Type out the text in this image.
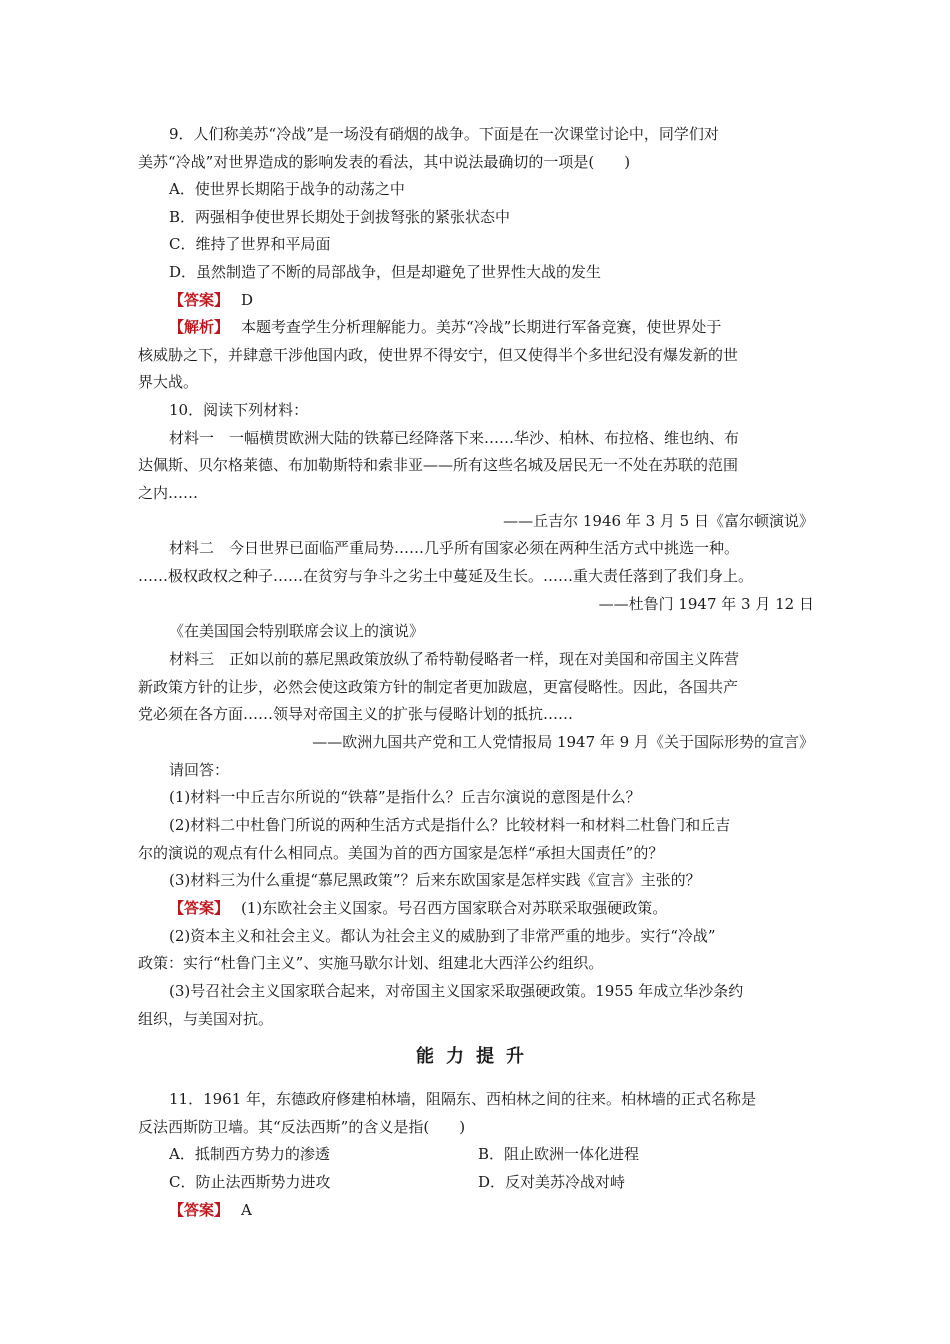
9．人们称美苏“冷战”是一场没有硝烟的战争。下面是在一次课堂讨论中，同学们对
美苏“冷战”对世界造成的影响发表的看法，其中说法最确切的一项是(　　)
A．使世界长期陷于战争的动荡之中
B．两强相争使世界长期处于剑拔弩张的紧张状态中
C．维持了世界和平局面
D．虽然制造了不断的局部战争，但是却避免了世界性大战的发生
【答案】 D
【解析】 本题考查学生分析理解能力。美苏“冷战”长期进行军备竞赛，使世界处于
核威胁之下，并肆意干涉他国内政，使世界不得安宁，但又使得半个多世纪没有爆发新的世
界大战。
10．阅读下列材料：
材料一　一幅横贯欧洲大陆的铁幕已经降落下来……华沙、柏林、布拉格、维也纳、布
达佩斯、贝尔格莱德、布加勒斯特和索非亚——所有这些名城及居民无一不处在苏联的范围
之内……
——丘吉尔 1946 年 3 月 5 日《富尔顿演说》
材料二　今日世界已面临严重局势……几乎所有国家必须在两种生活方式中挑选一种。
……极权政权之种子……在贫穷与争斗之劣土中蔓延及生长。……重大责任落到了我们身上。
——杜鲁门 1947 年 3 月 12 日
《在美国国会特别联席会议上的演说》
材料三　正如以前的慕尼黑政策放纵了希特勒侵略者一样，现在对美国和帝国主义阵营
新政策方针的让步，必然会使这政策方针的制定者更加跋扈，更富侵略性。因此，各国共产
党必须在各方面……领导对帝国主义的扩张与侵略计划的抵抗……
——欧洲九国共产党和工人党情报局 1947 年 9 月《关于国际形势的宣言》
请回答：
(1)材料一中丘吉尔所说的“铁幕”是指什么？丘吉尔演说的意图是什么？
(2)材料二中杜鲁门所说的两种生活方式是指什么？比较材料一和材料二杜鲁门和丘吉
尔的演说的观点有什么相同点。美国为首的西方国家是怎样“承担大国责任”的？
(3)材料三为什么重提“慕尼黑政策”？后来东欧国家是怎样实践《宣言》主张的？
【答案】 (1)东欧社会主义国家。号召西方国家联合对苏联采取强硬政策。
(2)资本主义和社会主义。都认为社会主义的威胁到了非常严重的地步。实行“冷战”
政策：实行“杜鲁门主义”、实施马歇尔计划、组建北大西洋公约组织。
(3)号召社会主义国家联合起来，对帝国主义国家采取强硬政策。1955 年成立华沙条约
组织，与美国对抗。
能力提升
11．1961 年，东德政府修建柏林墙，阻隔东、西柏林之间的往来。柏林墙的正式名称是
反法西斯防卫墙。其“反法西斯”的含义是指(　　)
A．抵制西方势力的渗透	B．阻止欧洲一体化进程
C．防止法西斯势力进攻	D．反对美苏冷战对峙
【答案】 A
